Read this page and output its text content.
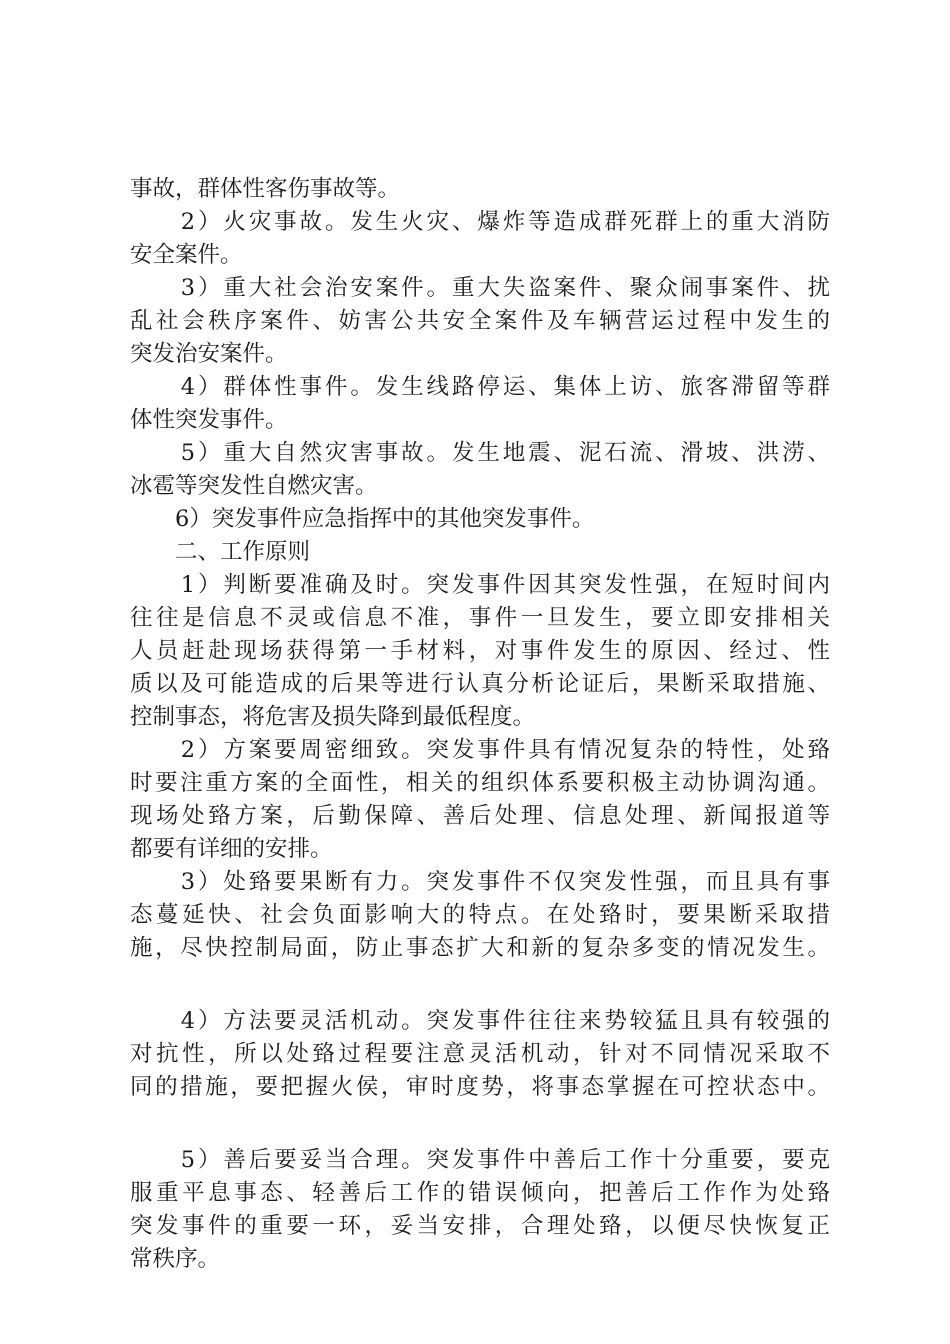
事故，群体性客伤事故等。
　　2）火灾事故。发生火灾、爆炸等造成群死群上的重大消防
安全案件。
　　3）重大社会治安案件。重大失盗案件、聚众闹事案件、扰
乱社会秩序案件、妨害公共安全案件及车辆营运过程中发生的
突发治安案件。
　　4）群体性事件。发生线路停运、集体上访、旅客滞留等群
体性突发事件。
　　5）重大自然灾害事故。发生地震、泥石流、滑坡、洪涝、
冰雹等突发性自燃灾害。
　　6）突发事件应急指挥中的其他突发事件。
　　二、工作原则
　　1）判断要准确及时。突发事件因其突发性强，在短时间内
往往是信息不灵或信息不准，事件一旦发生，要立即安排相关
人员赶赴现场获得第一手材料，对事件发生的原因、经过、性
质以及可能造成的后果等进行认真分析论证后，果断采取措施、
控制事态，将危害及损失降到最低程度。
　　2）方案要周密细致。突发事件具有情况复杂的特性，处臵
时要注重方案的全面性，相关的组织体系要积极主动协调沟通。
现场处臵方案，后勤保障、善后处理、信息处理、新闻报道等
都要有详细的安排。
　　3）处臵要果断有力。突发事件不仅突发性强，而且具有事
态蔓延快、社会负面影响大的特点。在处臵时，要果断采取措
施，尽快控制局面，防止事态扩大和新的复杂多变的情况发生。
　　4）方法要灵活机动。突发事件往往来势较猛且具有较强的
对抗性，所以处臵过程要注意灵活机动，针对不同情况采取不
同的措施，要把握火侯，审时度势，将事态掌握在可控状态中。
　　5）善后要妥当合理。突发事件中善后工作十分重要，要克
服重平息事态、轻善后工作的错误倾向，把善后工作作为处臵
突发事件的重要一环，妥当安排，合理处臵，以便尽快恢复正
常秩序。
